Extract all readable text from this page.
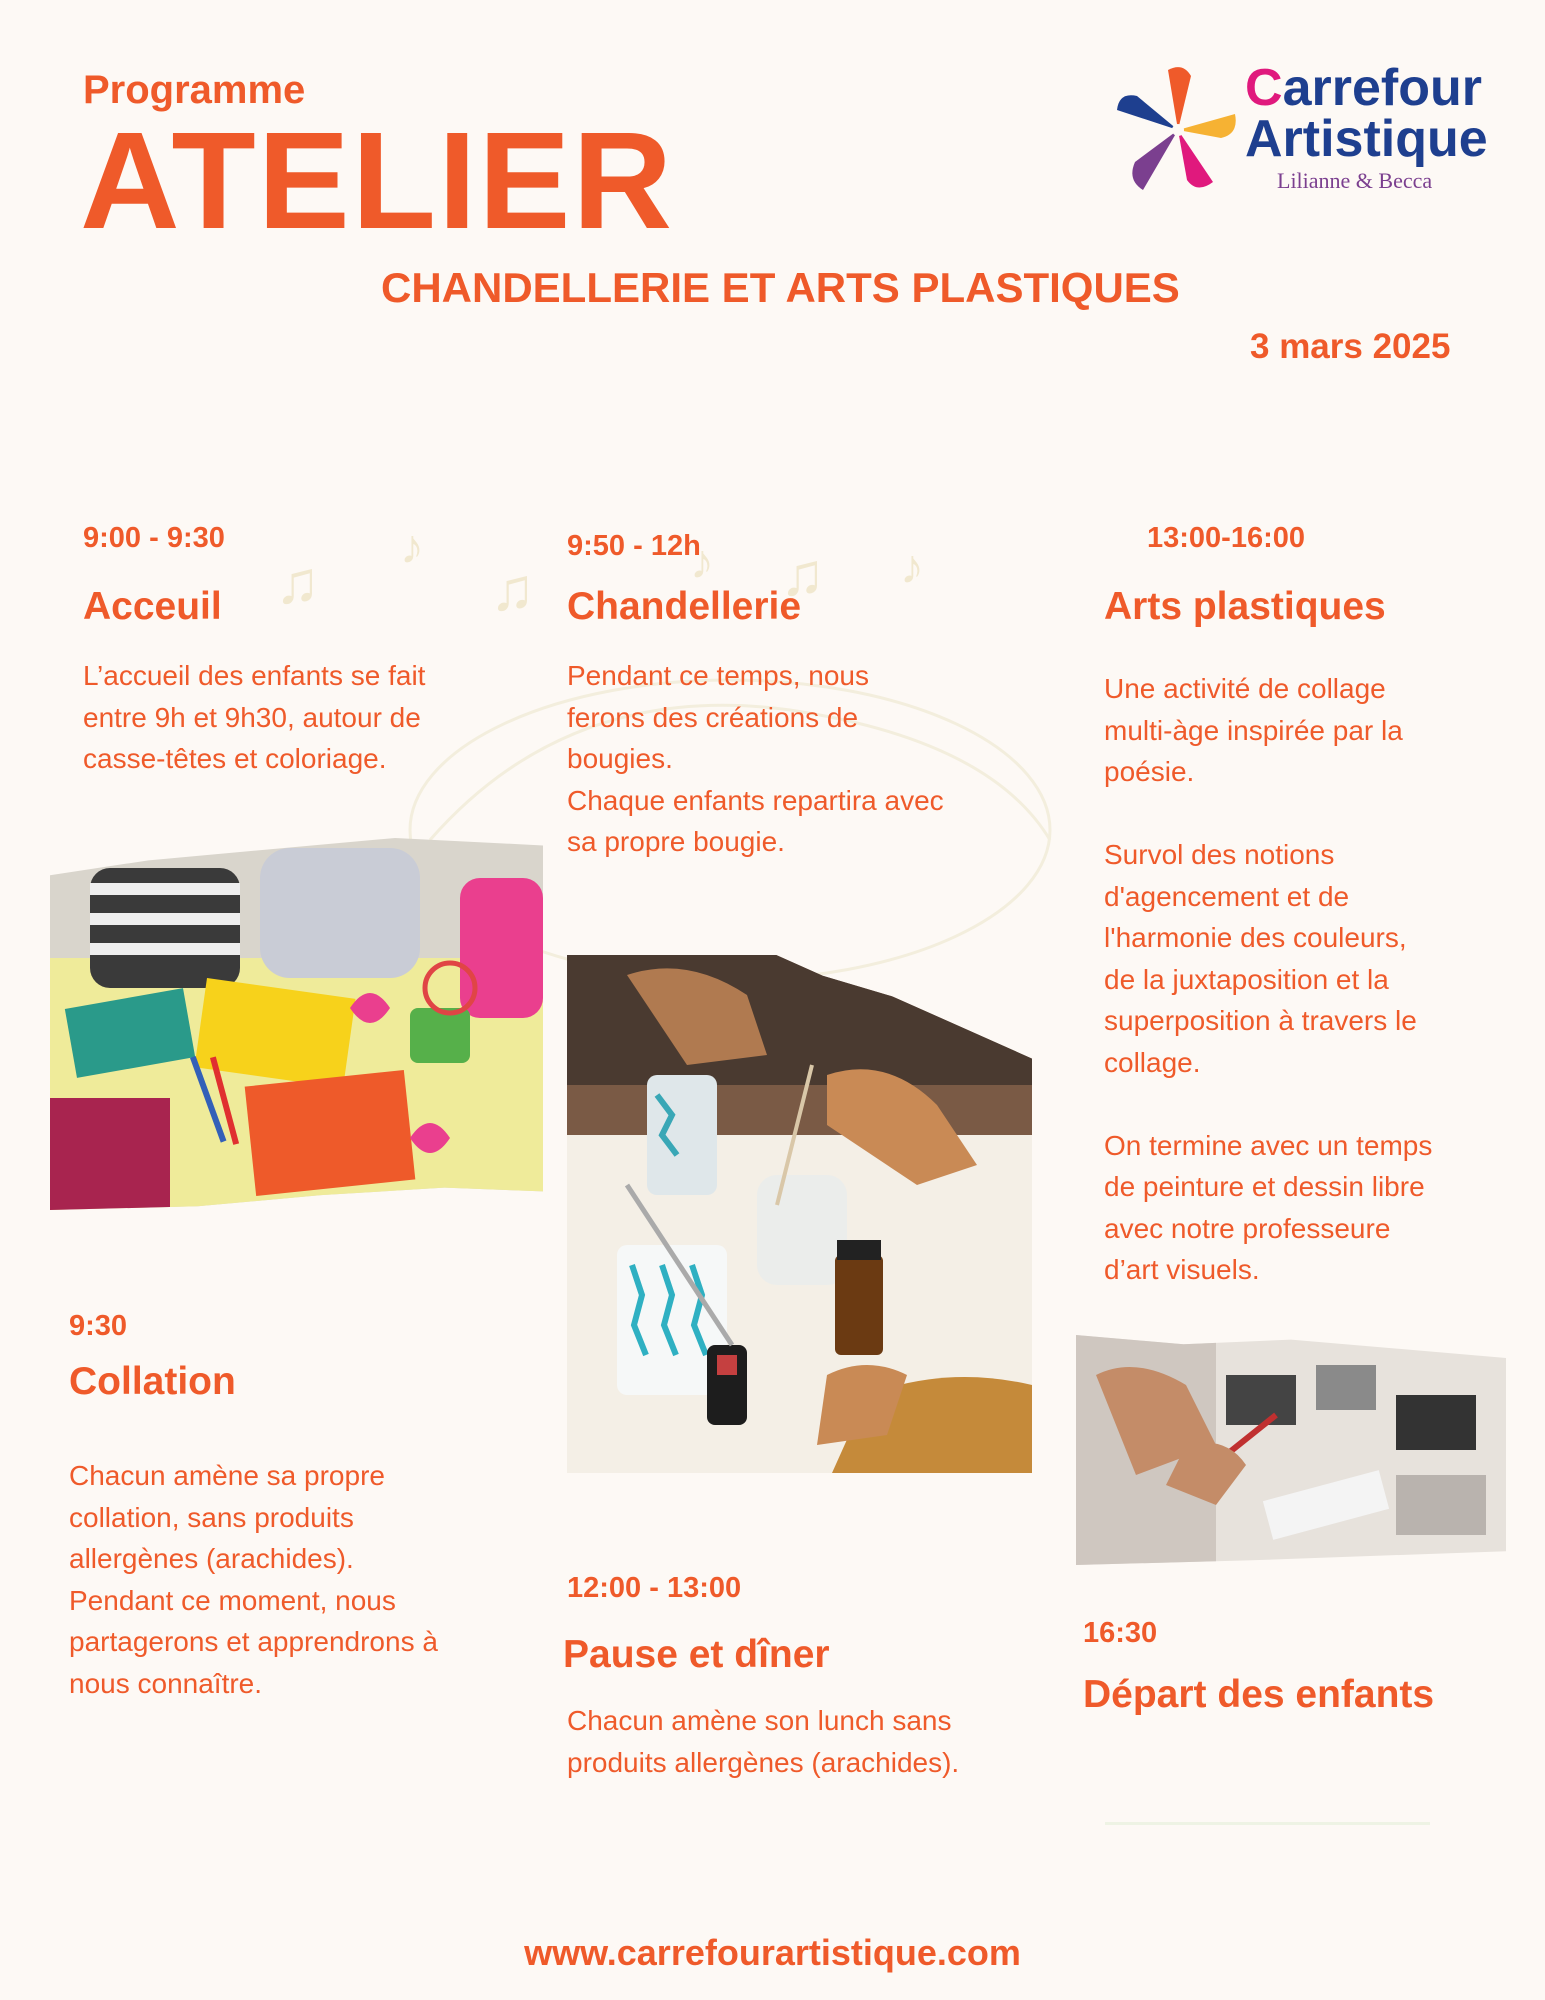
♫
♪
♫	♪ ♫ ♪
Programme
ATELIER
CHANDELLERIE ET ARTS PLASTIQUES
3 mars 2025
Carrefour
Artistique
Lilianne & Becca
9:00 - 9:30
Acceuil
L’accueil des enfants se fait
entre 9h et 9h30, autour de
casse-têtes et coloriage.
9:30
Collation
Chacun amène sa propre
collation, sans produits
allergènes (arachides).
Pendant ce moment, nous
partagerons et apprendrons à
nous connaître.
9:50 - 12h
Chandellerie
Pendant ce temps, nous
ferons des créations de
bougies.
Chaque enfants repartira avec
sa propre bougie.
12:00 - 13:00
Pause et dîner
Chacun amène son lunch sans
produits allergènes (arachides).
13:00-16:00
Arts plastiques
Une activité de collage
multi-àge inspirée par la
poésie.

Survol des notions
d'agencement et de
l'harmonie des couleurs,
de la juxtaposition et la
superposition à travers le
collage.

On termine avec un temps
de peinture et dessin libre
avec notre professeure
d’art visuels.
16:30
Départ des enfants
www.carrefourartistique.com
